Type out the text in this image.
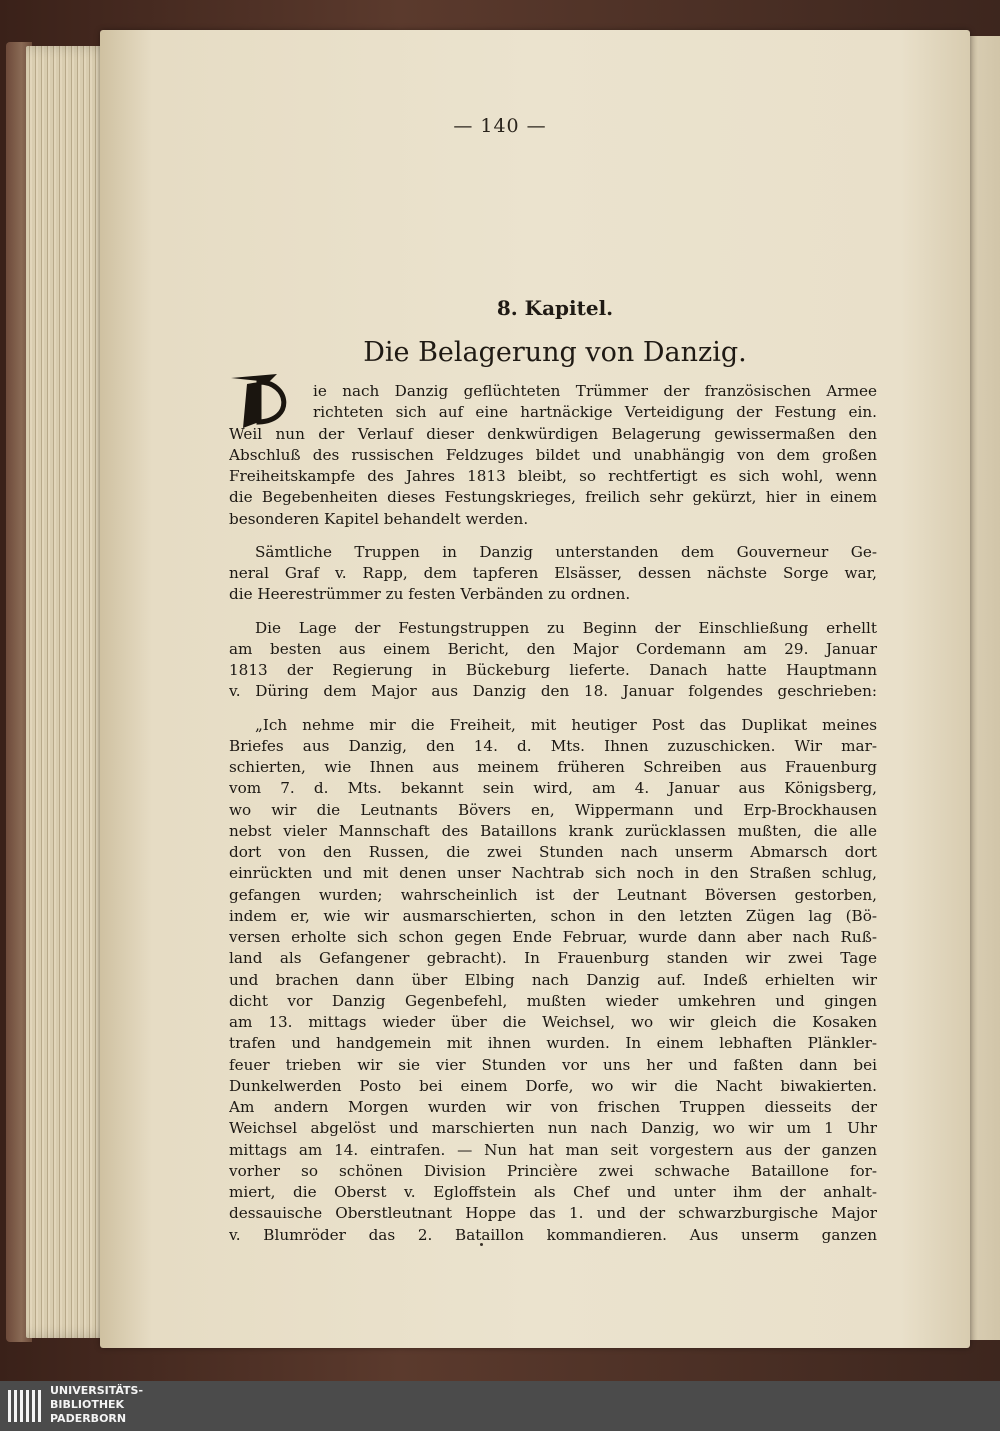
— 140 —
8. Kapitel.
Die Belagerung von Danzig.
ie nach Danzig geflüchteten Trümmer der französischen Armee
richteten sich auf eine hartnäckige Verteidigung der Festung ein.
Weil nun der Verlauf dieser denkwürdigen Belagerung gewissermaßen den
Abschluß des russischen Feldzuges bildet und unabhängig von dem großen
Freiheitskampfe des Jahres 1813 bleibt, so rechtfertigt es sich wohl, wenn
die Begebenheiten dieses Festungskrieges, freilich sehr gekürzt, hier in einem
besonderen Kapitel behandelt werden.
Sämtliche Truppen in Danzig unterstanden dem Gouverneur Ge-
neral Graf v. Rapp, dem tapferen Elsässer, dessen nächste Sorge war,
die Heerestrümmer zu festen Verbänden zu ordnen.
Die Lage der Festungstruppen zu Beginn der Einschließung erhellt
am besten aus einem Bericht, den Major Cordemann am 29. Januar
1813 der Regierung in Bückeburg lieferte. Danach hatte Hauptmann
v. Düring dem Major aus Danzig den 18. Januar folgendes geschrieben:
„Ich nehme mir die Freiheit, mit heutiger Post das Duplikat meines
Briefes aus Danzig, den 14. d. Mts. Ihnen zuzuschicken. Wir mar-
schierten, wie Ihnen aus meinem früheren Schreiben aus Frauenburg
vom 7. d. Mts. bekannt sein wird, am 4. Januar aus Königsberg,
wo wir die Leutnants Bövers en, Wippermann und Erp-Brockhausen
nebst vieler Mannschaft des Bataillons krank zurücklassen mußten, die alle
dort von den Russen, die zwei Stunden nach unserm Abmarsch dort
einrückten und mit denen unser Nachtrab sich noch in den Straßen schlug,
gefangen wurden; wahrscheinlich ist der Leutnant Böversen gestorben,
indem er, wie wir ausmarschierten, schon in den letzten Zügen lag (Bö-
versen erholte sich schon gegen Ende Februar, wurde dann aber nach Ruß-
land als Gefangener gebracht). In Frauenburg standen wir zwei Tage
und brachen dann über Elbing nach Danzig auf. Indeß erhielten wir
dicht vor Danzig Gegenbefehl, mußten wieder umkehren und gingen
am 13. mittags wieder über die Weichsel, wo wir gleich die Kosaken
trafen und handgemein mit ihnen wurden. In einem lebhaften Plänkler-
feuer trieben wir sie vier Stunden vor uns her und faßten dann bei
Dunkelwerden Posto bei einem Dorfe, wo wir die Nacht biwakierten.
Am andern Morgen wurden wir von frischen Truppen diesseits der
Weichsel abgelöst und marschierten nun nach Danzig, wo wir um 1 Uhr
mittags am 14. eintrafen. — Nun hat man seit vorgestern aus der ganzen
vorher so schönen Division Princière zwei schwache Bataillone for-
miert, die Oberst v. Egloffstein als Chef und unter ihm der anhalt-
dessauische Oberstleutnant Hoppe das 1. und der schwarzburgische Major
v. Blumröder das 2. Bataillon kommandieren. Aus unserm ganzen
UNIVERSITÄTS-
BIBLIOTHEK
PADERBORN
